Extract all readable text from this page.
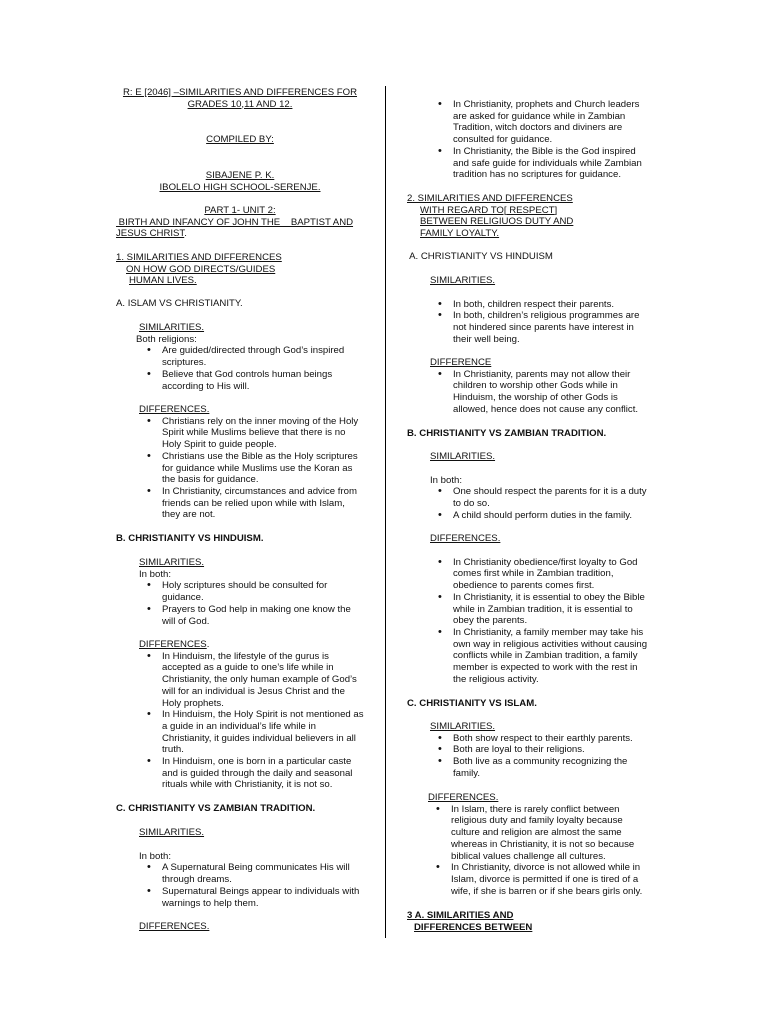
R: E [2046] –SIMILARITIES AND DIFFERENCES FOR
GRADES 10,11 AND 12.
COMPILED BY:
SIBAJENE P. K.
IBOLELO HIGH SCHOOL-SERENJE.
PART 1- UNIT 2:
BIRTH AND INFANCY OF JOHN THE    BAPTIST AND
JESUS CHRIST.
1. SIMILARITIES AND DIFFERENCES
ON HOW GOD DIRECTS/GUIDES
HUMAN LIVES.
A. ISLAM VS CHRISTIANITY.
SIMILARITIES.
Both religions:
• Are guided/directed through God’s inspired scriptures.
• Believe that God controls human beings according to His will.
DIFFERENCES.
• Christians rely on the inner moving of the Holy Spirit while Muslims believe that there is no Holy Spirit to guide people.
• Christians use the Bible as the Holy scriptures for guidance while Muslims use the Koran as the basis for guidance.
• In Christianity, circumstances and advice from friends can be relied upon while with Islam, they are not.
B. CHRISTIANITY VS HINDUISM.
SIMILARITIES.
In both:
• Holy scriptures should be consulted for guidance.
• Prayers to God help in making one know the will of God.
DIFFERENCES.
• In Hinduism, the lifestyle of the gurus is accepted as a guide to one’s life while in Christianity, the only human example of God’s will for an individual is Jesus Christ and the Holy prophets.
• In Hinduism, the Holy Spirit is not mentioned as a guide in an individual’s life while in Christianity, it guides individual believers in all truth.
• In Hinduism, one is born in a particular caste and is guided through the daily and seasonal rituals while with Christianity, it is not so.
C. CHRISTIANITY VS ZAMBIAN TRADITION.
SIMILARITIES.
In both:
• A Supernatural Being communicates His will through dreams.
• Supernatural Beings appear to individuals with warnings to help them.
DIFFERENCES.
• In Christianity, prophets and Church leaders are asked for guidance while in Zambian Tradition, witch doctors and diviners are consulted for guidance.
• In Christianity, the Bible is the God inspired and safe guide for individuals while Zambian tradition has no scriptures for guidance.
2. SIMILARITIES AND DIFFERENCES
WITH REGARD TO[ RESPECT]
BETWEEN RELIGIUOS DUTY AND
FAMILY LOYALTY.
A. CHRISTIANITY VS HINDUISM
SIMILARITIES.
• In both, children respect their parents.
• In both, children’s religious programmes are not hindered since parents have interest in their well being.
DIFFERENCE
• In Christianity, parents may not allow their children to worship other Gods while in Hinduism, the worship of other Gods is allowed, hence does not cause any conflict.
B. CHRISTIANITY VS ZAMBIAN TRADITION.
SIMILARITIES.
In both:
• One should respect the parents for it is a duty to do so.
• A child should perform duties in the family.
DIFFERENCES.
• In Christianity obedience/first loyalty to God comes first while in Zambian tradition, obedience to parents comes first.
• In Christianity, it is essential to obey the Bible while in Zambian tradition, it is essential to obey the parents.
• In Christianity, a family member may take his own way in religious activities without causing conflicts while in Zambian tradition, a family member is expected to work with the rest in the religious activity.
C. CHRISTIANITY VS ISLAM.
SIMILARITIES.
• Both show respect to their earthly parents.
• Both are loyal to their religions.
• Both live as a community recognizing the family.
DIFFERENCES.
• In Islam, there is rarely conflict between religious duty and family loyalty because culture and religion are almost the same whereas in Christianity, it is not so because biblical values challenge all cultures.
• In Christianity, divorce is not allowed while in Islam, divorce is permitted if one is tired of a wife, if she is barren or if she bears girls only.
3 A. SIMILARITIES AND
DIFFERENCES BETWEEN
